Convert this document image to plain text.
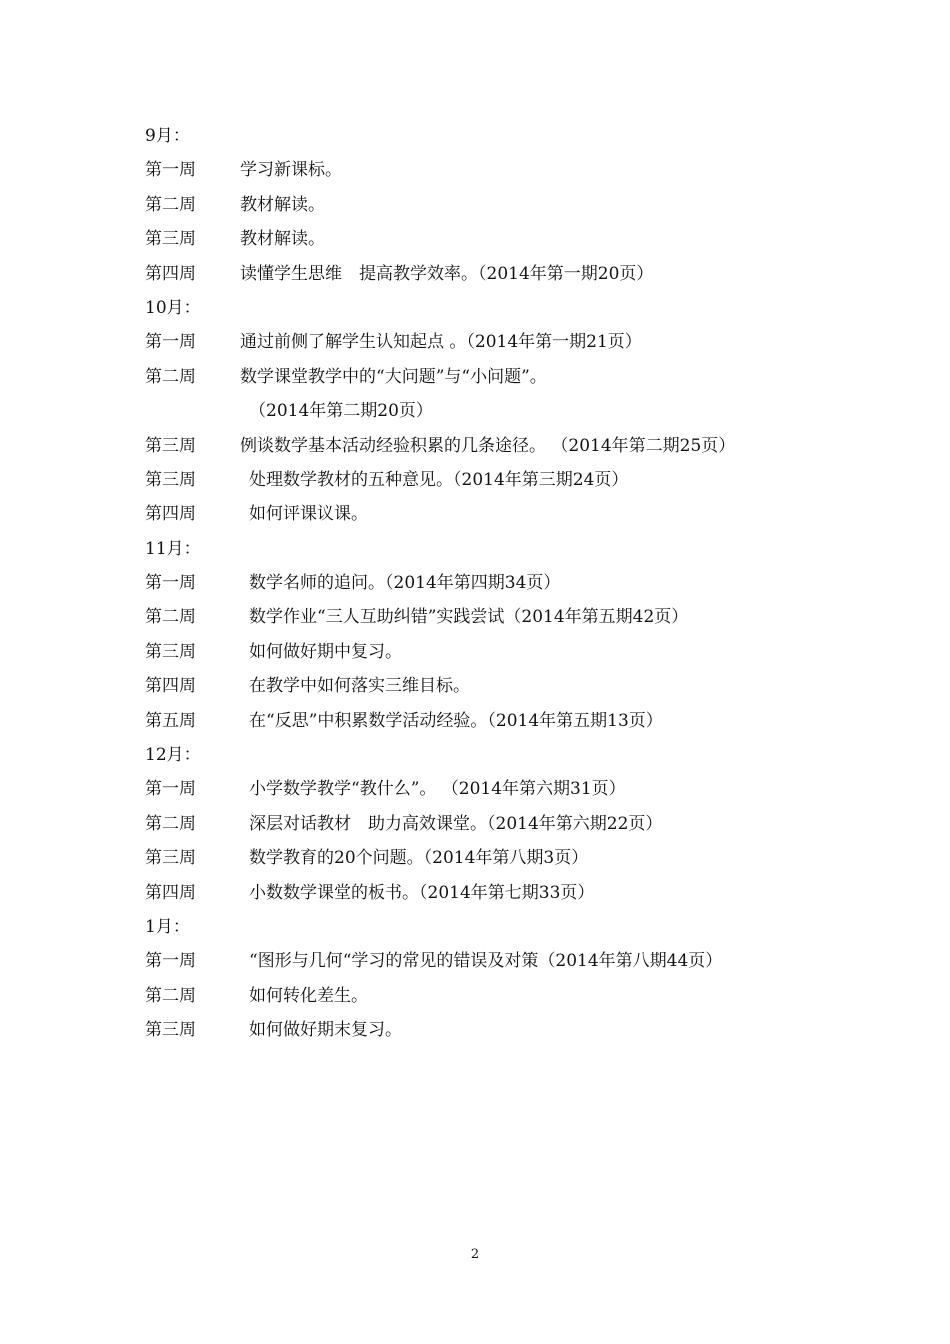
9月：
第一周	学习新课标。
第二周	教材解读。
第三周	教材解读。
第四周	读懂学生思维　提高教学效率。（2014年第一期20页）
10月：
第一周	通过前侧了解学生认知起点 。（2014年第一期21页）
第二周	数学课堂教学中的“大问题”与“小问题”。
（2014年第二期20页）
第三周	例谈数学基本活动经验积累的几条途径。 （2014年第二期25页）
第三周	处理数学教材的五种意见。（2014年第三期24页）
第四周	如何评课议课。
11月：
第一周	数学名师的追问。（2014年第四期34页）
第二周	数学作业“三人互助纠错”实践尝试（2014年第五期42页）
第三周	如何做好期中复习。
第四周	在教学中如何落实三维目标。
第五周	在“反思”中积累数学活动经验。（2014年第五期13页）
12月：
第一周	小学数学教学“教什么”。 （2014年第六期31页）
第二周	深层对话教材　助力高效课堂。（2014年第六期22页）
第三周	数学教育的20个问题。（2014年第八期3页）
第四周	小数数学课堂的板书。（2014年第七期33页）
1月：
第一周	“图形与几何“学习的常见的错误及对策（2014年第八期44页）
第二周	如何转化差生。
第三周	如何做好期末复习。
2
